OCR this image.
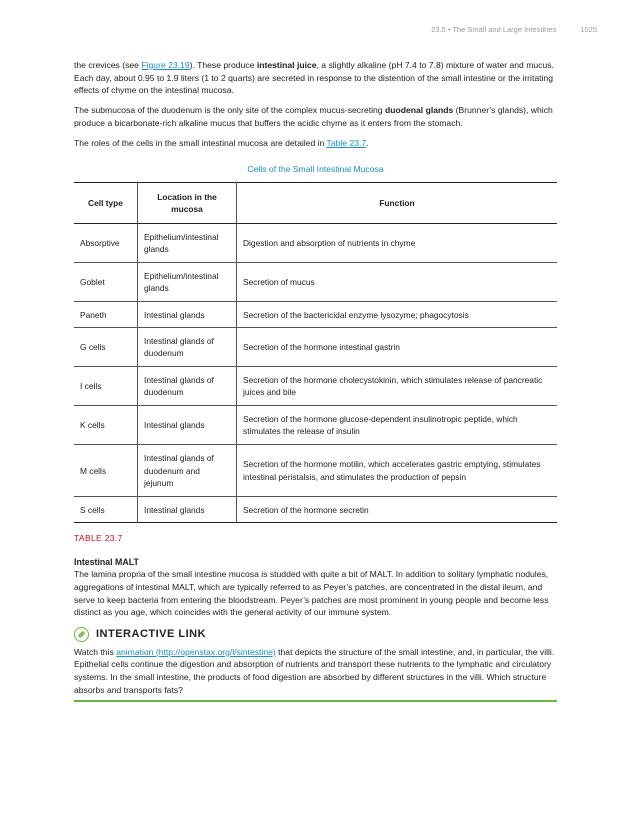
23.5 • The Small and Large Intestines	1025

the crevices (see Figure 23.19). These produce intestinal juice, a slightly alkaline (pH 7.4 to 7.8) mixture of water and mucus. Each day, about 0.95 to 1.9 liters (1 to 2 quarts) are secreted in response to the distention of the small intestine or the irritating effects of chyme on the intestinal mucosa.

The submucosa of the duodenum is the only site of the complex mucus-secreting duodenal glands (Brunner’s glands), which produce a bicarbonate-rich alkaline mucus that buffers the acidic chyme as it enters from the stomach.

The roles of the cells in the small intestinal mucosa are detailed in Table 23.7.

Cells of the Small Intestinal Mucosa
Cell type	Location in the mucosa	Function
Absorptive	Epithelium/intestinal glands	Digestion and absorption of nutrients in chyme
Goblet	Epithelium/intestinal glands	Secretion of mucus
Paneth	Intestinal glands	Secretion of the bactericidal enzyme lysozyme; phagocytosis
G cells	Intestinal glands of duodenum	Secretion of the hormone intestinal gastrin
I cells	Intestinal glands of duodenum	Secretion of the hormone cholecystokinin, which stimulates release of pancreatic juices and bile
K cells	Intestinal glands	Secretion of the hormone glucose-dependent insulinotropic peptide, which stimulates the release of insulin
M cells	Intestinal glands of duodenum and jejunum	Secretion of the hormone motilin, which accelerates gastric emptying, stimulates intestinal peristalsis, and stimulates the production of pepsin
S cells	Intestinal glands	Secretion of the hormone secretin
TABLE 23.7
Intestinal MALT

The lamina propria of the small intestine mucosa is studded with quite a bit of MALT. In addition to solitary lymphatic nodules, aggregations of intestinal MALT, which are typically referred to as Peyer’s patches, are concentrated in the distal ileum, and serve to keep bacteria from entering the bloodstream. Peyer’s patches are most prominent in young people and become less distinct as you age, which coincides with the general activity of our immune system.

INTERACTIVE LINK

Watch this animation (http://openstax.org/l/sintestine) that depicts the structure of the small intestine, and, in particular, the villi. Epithelial cells continue the digestion and absorption of nutrients and transport these nutrients to the lymphatic and circulatory systems. In the small intestine, the products of food digestion are absorbed by different structures in the villi. Which structure absorbs and transports fats?
